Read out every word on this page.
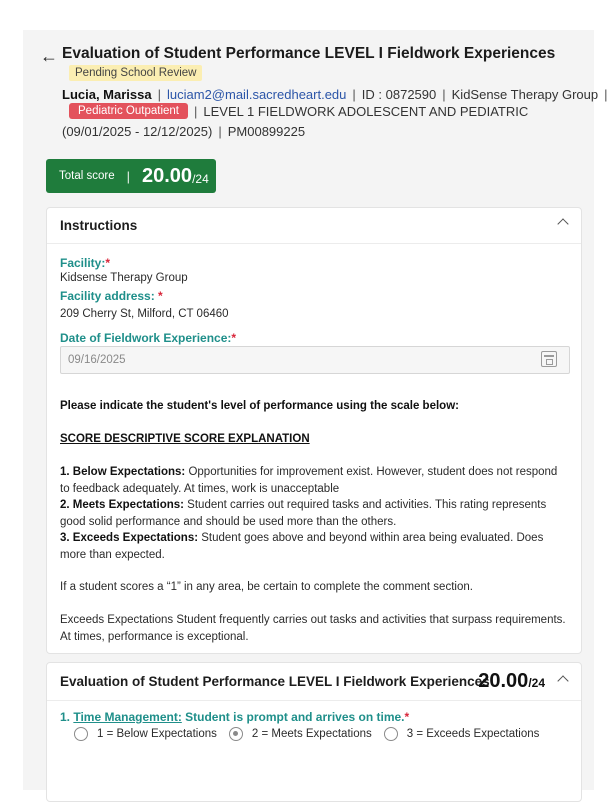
← Evaluation of Student Performance LEVEL I Fieldwork Experiences
Pending School Review
Lucia, Marissa | luciam2@mail.sacredheart.edu | ID : 0872590 | KidSense Therapy Group |
Pediatric Outpatient	| LEVEL 1 FIELDWORK ADOLESCENT AND PEDIATRIC
(09/01/2025 - 12/12/2025) | PM00899225
Total score | 20.00 /24
Instructions
Facility:*
Kidsense Therapy Group
Facility address: *
209 Cherry St, Milford, CT 06460
Date of Fieldwork Experience:*
09/16/2025
Please indicate the student's level of performance using the scale below:
SCORE DESCRIPTIVE SCORE EXPLANATION
1. Below Expectations: Opportunities for improvement exist. However, student does not respond to feedback adequately. At times, work is unacceptable
2. Meets Expectations: Student carries out required tasks and activities. This rating represents good solid performance and should be used more than the others.
3. Exceeds Expectations: Student goes above and beyond within area being evaluated. Does more than expected.
If a student scores a “1” in any area, be certain to complete the comment section.
Exceeds Expectations Student frequently carries out tasks and activities that surpass requirements. At times, performance is exceptional.
Evaluation of Student Performance LEVEL I Fieldwork Experiences
20.00/24
1. Time Management: Student is prompt and arrives on time.*
1 = Below Expectations	2 = Meets Expectations	3 = Exceeds Expectations
